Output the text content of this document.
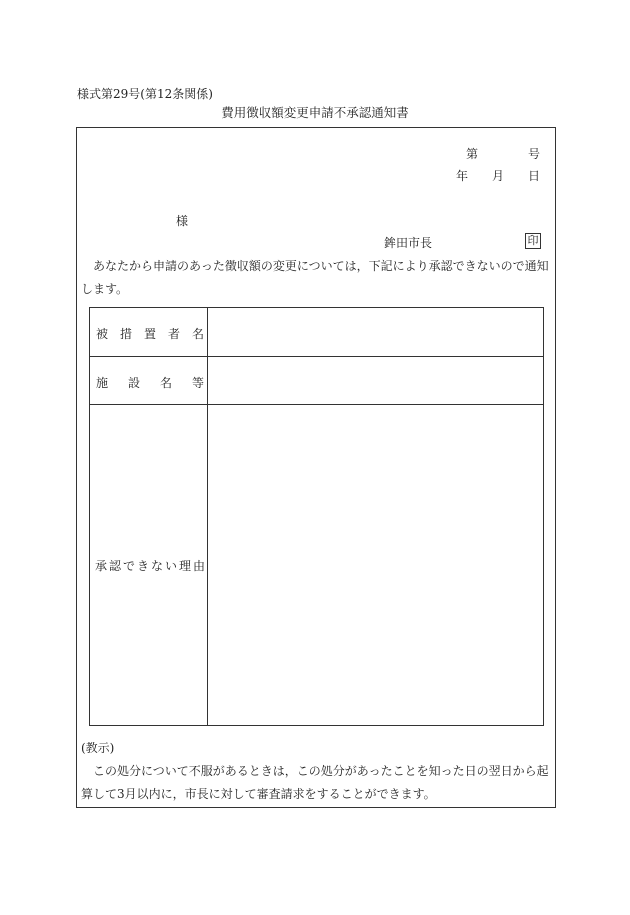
様式第29号(第12条関係)
費用徴収額変更申請不承認通知書
第	号
年 月 日
様
鉾田市長	印
あなたから申請のあった徴収額の変更については，下記により承認できないので通知
します。
被 措 置 者 名
施 設 名 等
承 認 で き な い 理 由
(教示)
この処分について不服があるときは，この処分があったことを知った日の翌日から起
算して3月以内に，市長に対して審査請求をすることができます。
